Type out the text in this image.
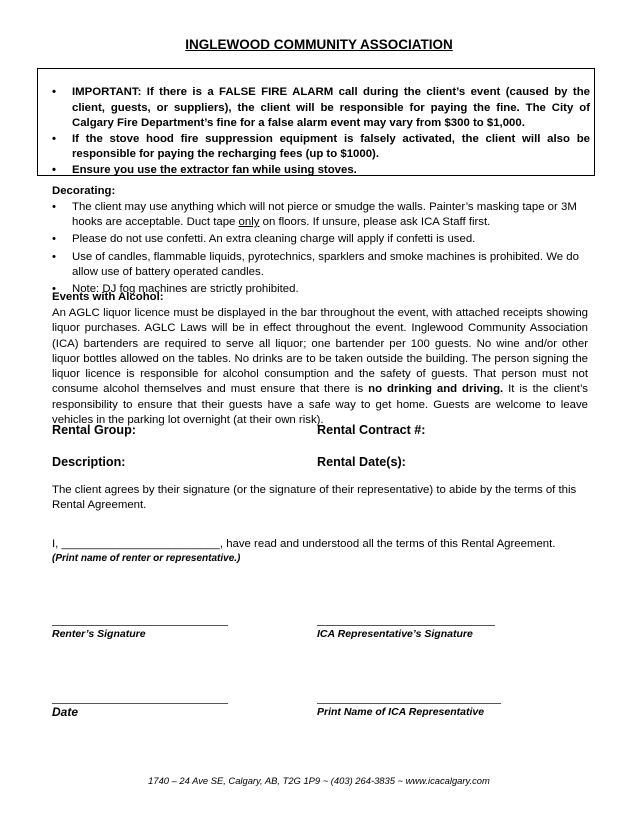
INGLEWOOD COMMUNITY ASSOCIATION
• IMPORTANT: If there is a FALSE FIRE ALARM call during the client’s event (caused by the client, guests, or suppliers), the client will be responsible for paying the fine. The City of Calgary Fire Department’s fine for a false alarm event may vary from $300 to $1,000.
• If the stove hood fire suppression equipment is falsely activated, the client will also be responsible for paying the recharging fees (up to $1000).
• Ensure you use the extractor fan while using stoves.
Decorating:
• The client may use anything which will not pierce or smudge the walls. Painter’s masking tape or 3M hooks are acceptable. Duct tape only on floors. If unsure, please ask ICA Staff first.
• Please do not use confetti. An extra cleaning charge will apply if confetti is used.
• Use of candles, flammable liquids, pyrotechnics, sparklers and smoke machines is prohibited. We do allow use of battery operated candles.
• Note: DJ fog machines are strictly prohibited.
Events with Alcohol:
An AGLC liquor licence must be displayed in the bar throughout the event, with attached receipts showing liquor purchases. AGLC Laws will be in effect throughout the event. Inglewood Community Association (ICA) bartenders are required to serve all liquor; one bartender per 100 guests. No wine and/or other liquor bottles allowed on the tables. No drinks are to be taken outside the building. The person signing the liquor licence is responsible for alcohol consumption and the safety of guests. That person must not consume alcohol themselves and must ensure that there is no drinking and driving. It is the client’s responsibility to ensure that their guests have a safe way to get home. Guests are welcome to leave vehicles in the parking lot overnight (at their own risk).
Rental Group:	Rental Contract #:
Description:	Rental Date(s):
The client agrees by their signature (or the signature of their representative) to abide by the terms of this Rental Agreement.
I, _________________________, have read and understood all the terms of this Rental Agreement.
(Print name of renter or representative.)
Renter’s Signature	ICA Representative’s Signature
Date	Print Name of ICA Representative
1740 – 24 Ave SE, Calgary, AB, T2G 1P9 ~ (403) 264-3835 ~ www.icacalgary.com
